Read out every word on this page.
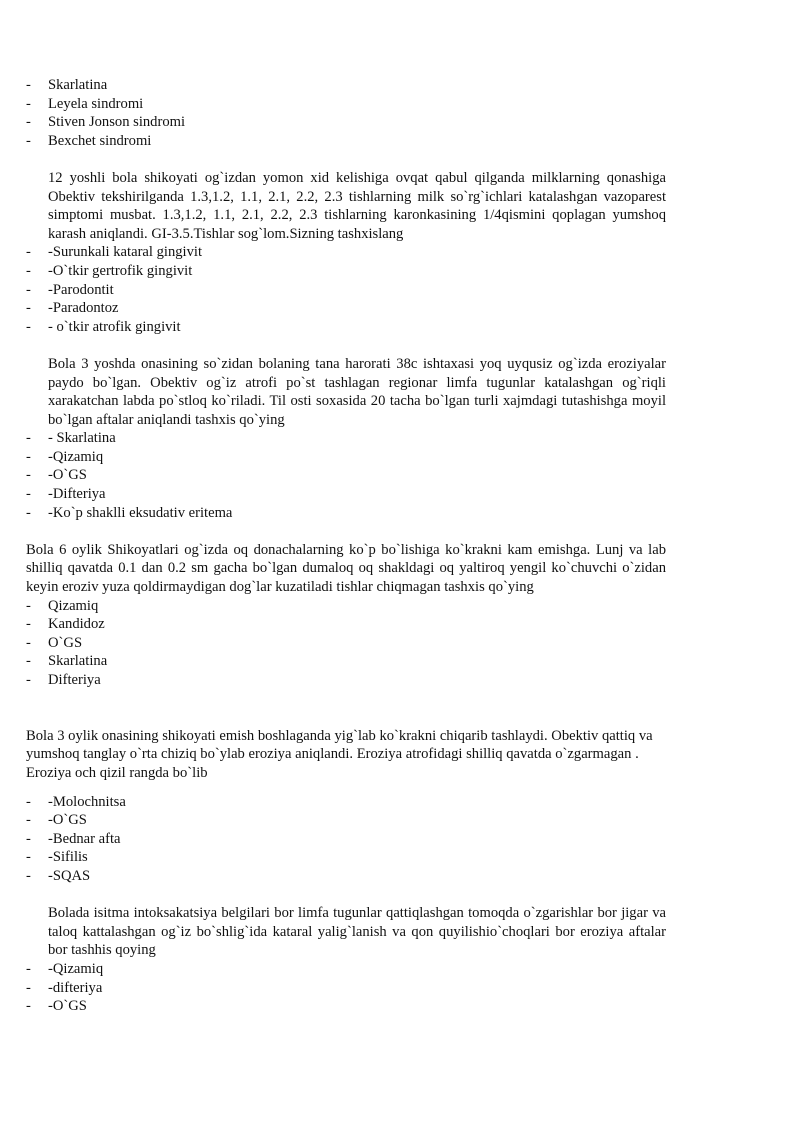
- Skarlatina
- Leyela sindromi
- Stiven Jonson sindromi
- Bexchet sindromi

12 yoshli bola shikoyati og`izdan yomon xid kelishiga ovqat qabul qilganda milklarning qonashiga Obektiv tekshirilganda 1.3,1.2, 1.1, 2.1, 2.2, 2.3 tishlarning milk so`rg`ichlari katalashgan vazoparest simptomi musbat. 1.3,1.2, 1.1, 2.1, 2.2, 2.3 tishlarning karonkasining 1/4qismini qoplagan yumshoq karash aniqlandi. GI-3.5.Tishlar sog`lom.Sizning tashxislang

- -Surunkali kataral gingivit
- -O`tkir gertrofik gingivit
- -Parodontit
- -Paradontoz
- - o`tkir atrofik gingivit

Bola 3 yoshda onasining so`zidan bolaning tana harorati 38c ishtaxasi yoq uyqusiz og`izda eroziyalar paydo bo`lgan. Obektiv og`iz atrofi po`st tashlagan regionar limfa tugunlar katalashgan og`riqli xarakatchan labda po`stloq ko`riladi. Til osti soxasida 20 tacha bo`lgan turli xajmdagi tutashishga moyil bo`lgan aftalar aniqlandi tashxis qo`ying

- - Skarlatina
- -Qizamiq
- -O`GS
- -Difteriya
- -Ko`p shaklli eksudativ eritema

Bola 6 oylik Shikoyatlari og`izda oq donachalarning ko`p bo`lishiga ko`krakni kam emishga. Lunj va lab shilliq qavatda 0.1 dan 0.2 sm gacha bo`lgan dumaloq oq shakldagi oq yaltiroq yengil ko`chuvchi o`zidan keyin eroziv yuza qoldirmaydigan dog`lar kuzatiladi tishlar chiqmagan tashxis qo`ying

- Qizamiq
- Kandidoz
- O`GS
- Skarlatina
- Difteriya

Bola 3 oylik onasining shikoyati emish boshlaganda yig`lab ko`krakni chiqarib tashlaydi. Obektiv qattiq va yumshoq tanglay o`rta chiziq bo`ylab eroziya aniqlandi. Eroziya atrofidagi shilliq qavatda o`zgarmagan . Eroziya och qizil rangda bo`lib

- -Molochnitsa
- -O`GS
- -Bednar afta
- -Sifilis
- -SQAS

Bolada isitma intoksakatsiya belgilari bor limfa tugunlar qattiqlashgan tomoqda o`zgarishlar bor jigar va taloq kattalashgan og`iz bo`shlig`ida kataral yalig`lanish va qon quyilishio`choqlari bor eroziya aftalar bor tashhis qoying

- -Qizamiq
- -difteriya
- -O`GS
